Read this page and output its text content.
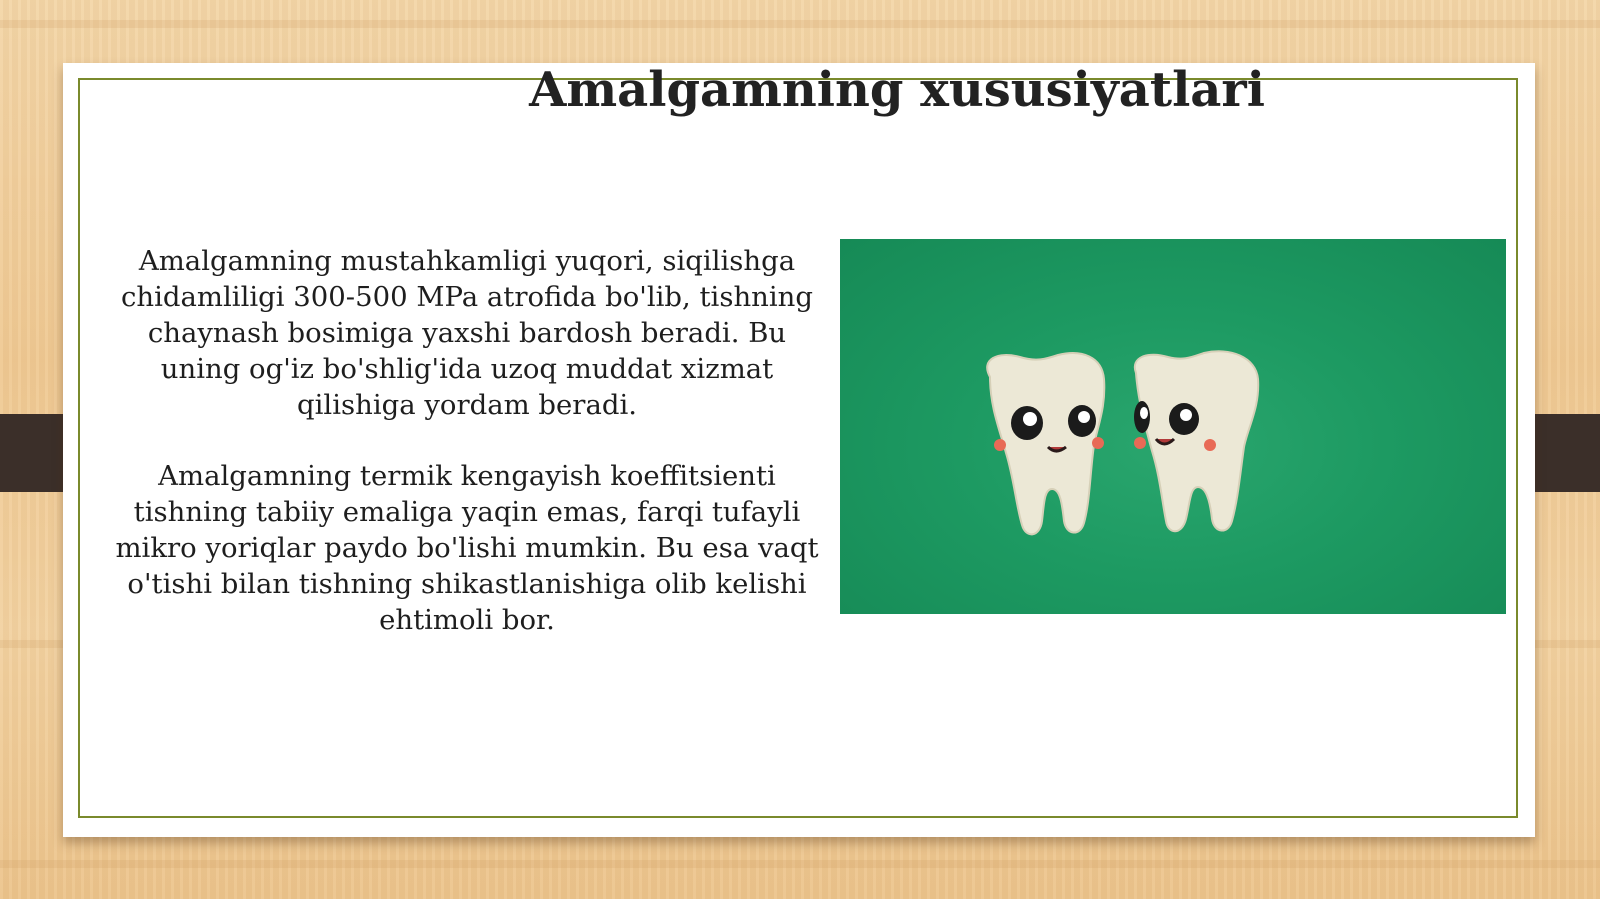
Amalgamning xususiyatlari

Amalgamning mustahkamligi yuqori, siqilishga chidamliligi 300-500 MPa atrofida bo'lib, tishning chaynash bosimiga yaxshi bardosh beradi. Bu uning og'iz bo'shlig'ida uzoq muddat xizmat qilishiga yordam beradi.

Amalgamning termik kengayish koeffitsienti tishning tabiiy emaliga yaqin emas, farqi tufayli mikro yoriqlar paydo bo'lishi mumkin. Bu esa vaqt o'tishi bilan tishning shikastlanishiga olib kelishi ehtimoli bor.
